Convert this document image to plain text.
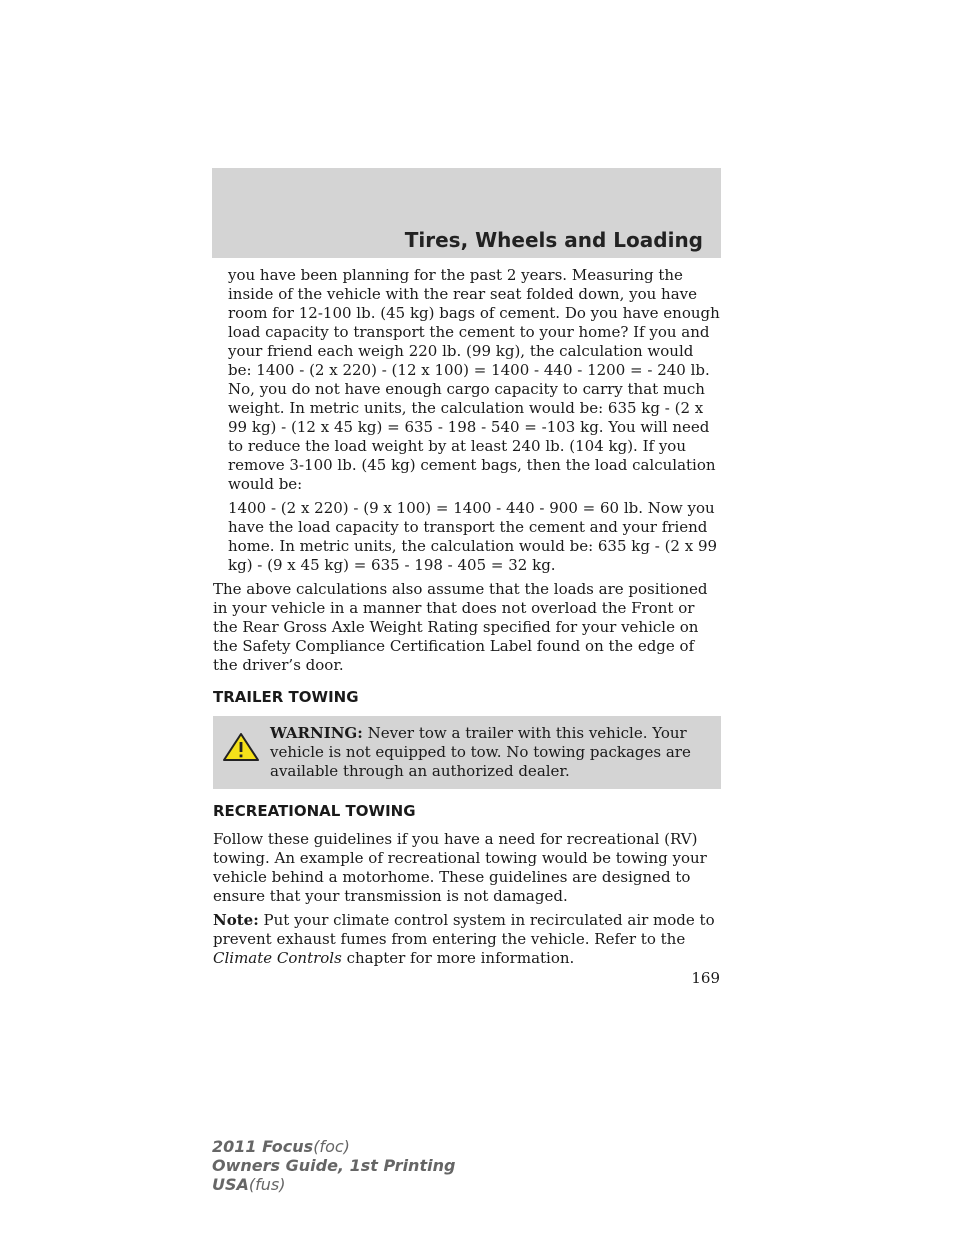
Tires, Wheels and Loading

you have been planning for the past 2 years. Measuring the inside of the vehicle with the rear seat folded down, you have room for 12-100 lb. (45 kg) bags of cement. Do you have enough load capacity to transport the cement to your home? If you and your friend each weigh 220 lb. (99 kg), the calculation would be: 1400 - (2 x 220) - (12 x 100) = 1400 - 440 - 1200 = - 240 lb. No, you do not have enough cargo capacity to carry that much weight. In metric units, the calculation would be: 635 kg - (2 x 99 kg) - (12 x 45 kg) = 635 - 198 - 540 = -103 kg. You will need to reduce the load weight by at least 240 lb. (104 kg). If you remove 3-100 lb. (45 kg) cement bags, then the load calculation would be:

1400 - (2 x 220) - (9 x 100) = 1400 - 440 - 900 = 60 lb. Now you have the load capacity to transport the cement and your friend home. In metric units, the calculation would be: 635 kg - (2 x 99 kg) - (9 x 45 kg) = 635 - 198 - 405 = 32 kg.

The above calculations also assume that the loads are positioned in your vehicle in a manner that does not overload the Front or the Rear Gross Axle Weight Rating specified for your vehicle on the Safety Compliance Certification Label found on the edge of the driver’s door.

TRAILER TOWING
WARNING: Never tow a trailer with this vehicle. Your vehicle is not equipped to tow. No towing packages are available through an authorized dealer.
RECREATIONAL TOWING

Follow these guidelines if you have a need for recreational (RV) towing. An example of recreational towing would be towing your vehicle behind a motorhome. These guidelines are designed to ensure that your transmission is not damaged.

Note: Put your climate control system in recirculated air mode to prevent exhaust fumes from entering the vehicle. Refer to the Climate Controls chapter for more information.

169
2011 Focus(foc)
Owners Guide, 1st Printing
USA(fus)
